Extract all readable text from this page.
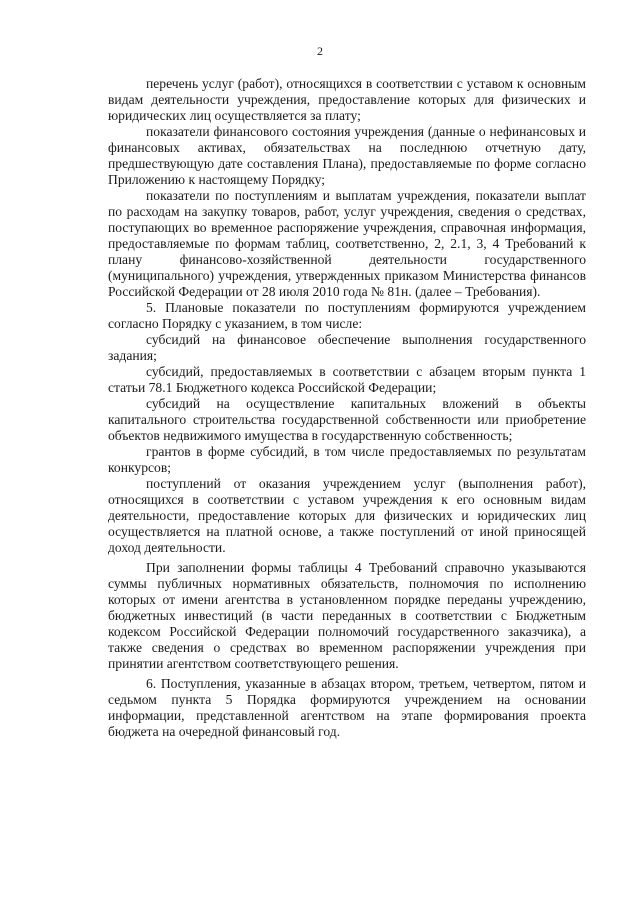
2

перечень услуг (работ), относящихся в соответствии с уставом к основным видам деятельности учреждения, предоставление которых для физических и юридических лиц осуществляется за плату;

показатели финансового состояния учреждения (данные о нефинансовых и финансовых активах, обязательствах на последнюю отчетную дату, предшествующую дате составления Плана), предоставляемые по форме согласно Приложению к настоящему Порядку;

показатели по поступлениям и выплатам учреждения, показатели выплат по расходам на закупку товаров, работ, услуг учреждения, сведения о средствах, поступающих во временное распоряжение учреждения, справочная информация, предоставляемые по формам таблиц, соответственно, 2, 2.1, 3, 4 Требований к плану финансово-хозяйственной деятельности государственного (муниципального) учреждения, утвержденных приказом Министерства финансов Российской Федерации от 28 июля 2010 года № 81н. (далее – Требования).

5. Плановые показатели по поступлениям формируются учреждением согласно Порядку с указанием, в том числе:

субсидий на финансовое обеспечение выполнения государственного задания;

субсидий, предоставляемых в соответствии с абзацем вторым пункта 1 статьи 78.1 Бюджетного кодекса Российской Федерации;

субсидий на осуществление капитальных вложений в объекты капитального строительства государственной собственности или приобретение объектов недвижимого имущества в государственную собственность;

грантов в форме субсидий, в том числе предоставляемых по результатам конкурсов;

поступлений от оказания учреждением услуг (выполнения работ), относящихся в соответствии с уставом учреждения к его основным видам деятельности, предоставление которых для физических и юридических лиц осуществляется на платной основе, а также поступлений от иной приносящей доход деятельности.

При заполнении формы таблицы 4 Требований справочно указываются суммы публичных нормативных обязательств, полномочия по исполнению которых от имени агентства в установленном порядке переданы учреждению, бюджетных инвестиций (в части переданных в соответствии с Бюджетным кодексом Российской Федерации полномочий государственного заказчика), а также сведения о средствах во временном распоряжении учреждения при принятии агентством соответствующего решения.

6. Поступления, указанные в абзацах втором, третьем, четвертом, пятом и седьмом пункта 5 Порядка формируются учреждением на основании информации, представленной агентством на этапе формирования проекта бюджета на очередной финансовый год.
